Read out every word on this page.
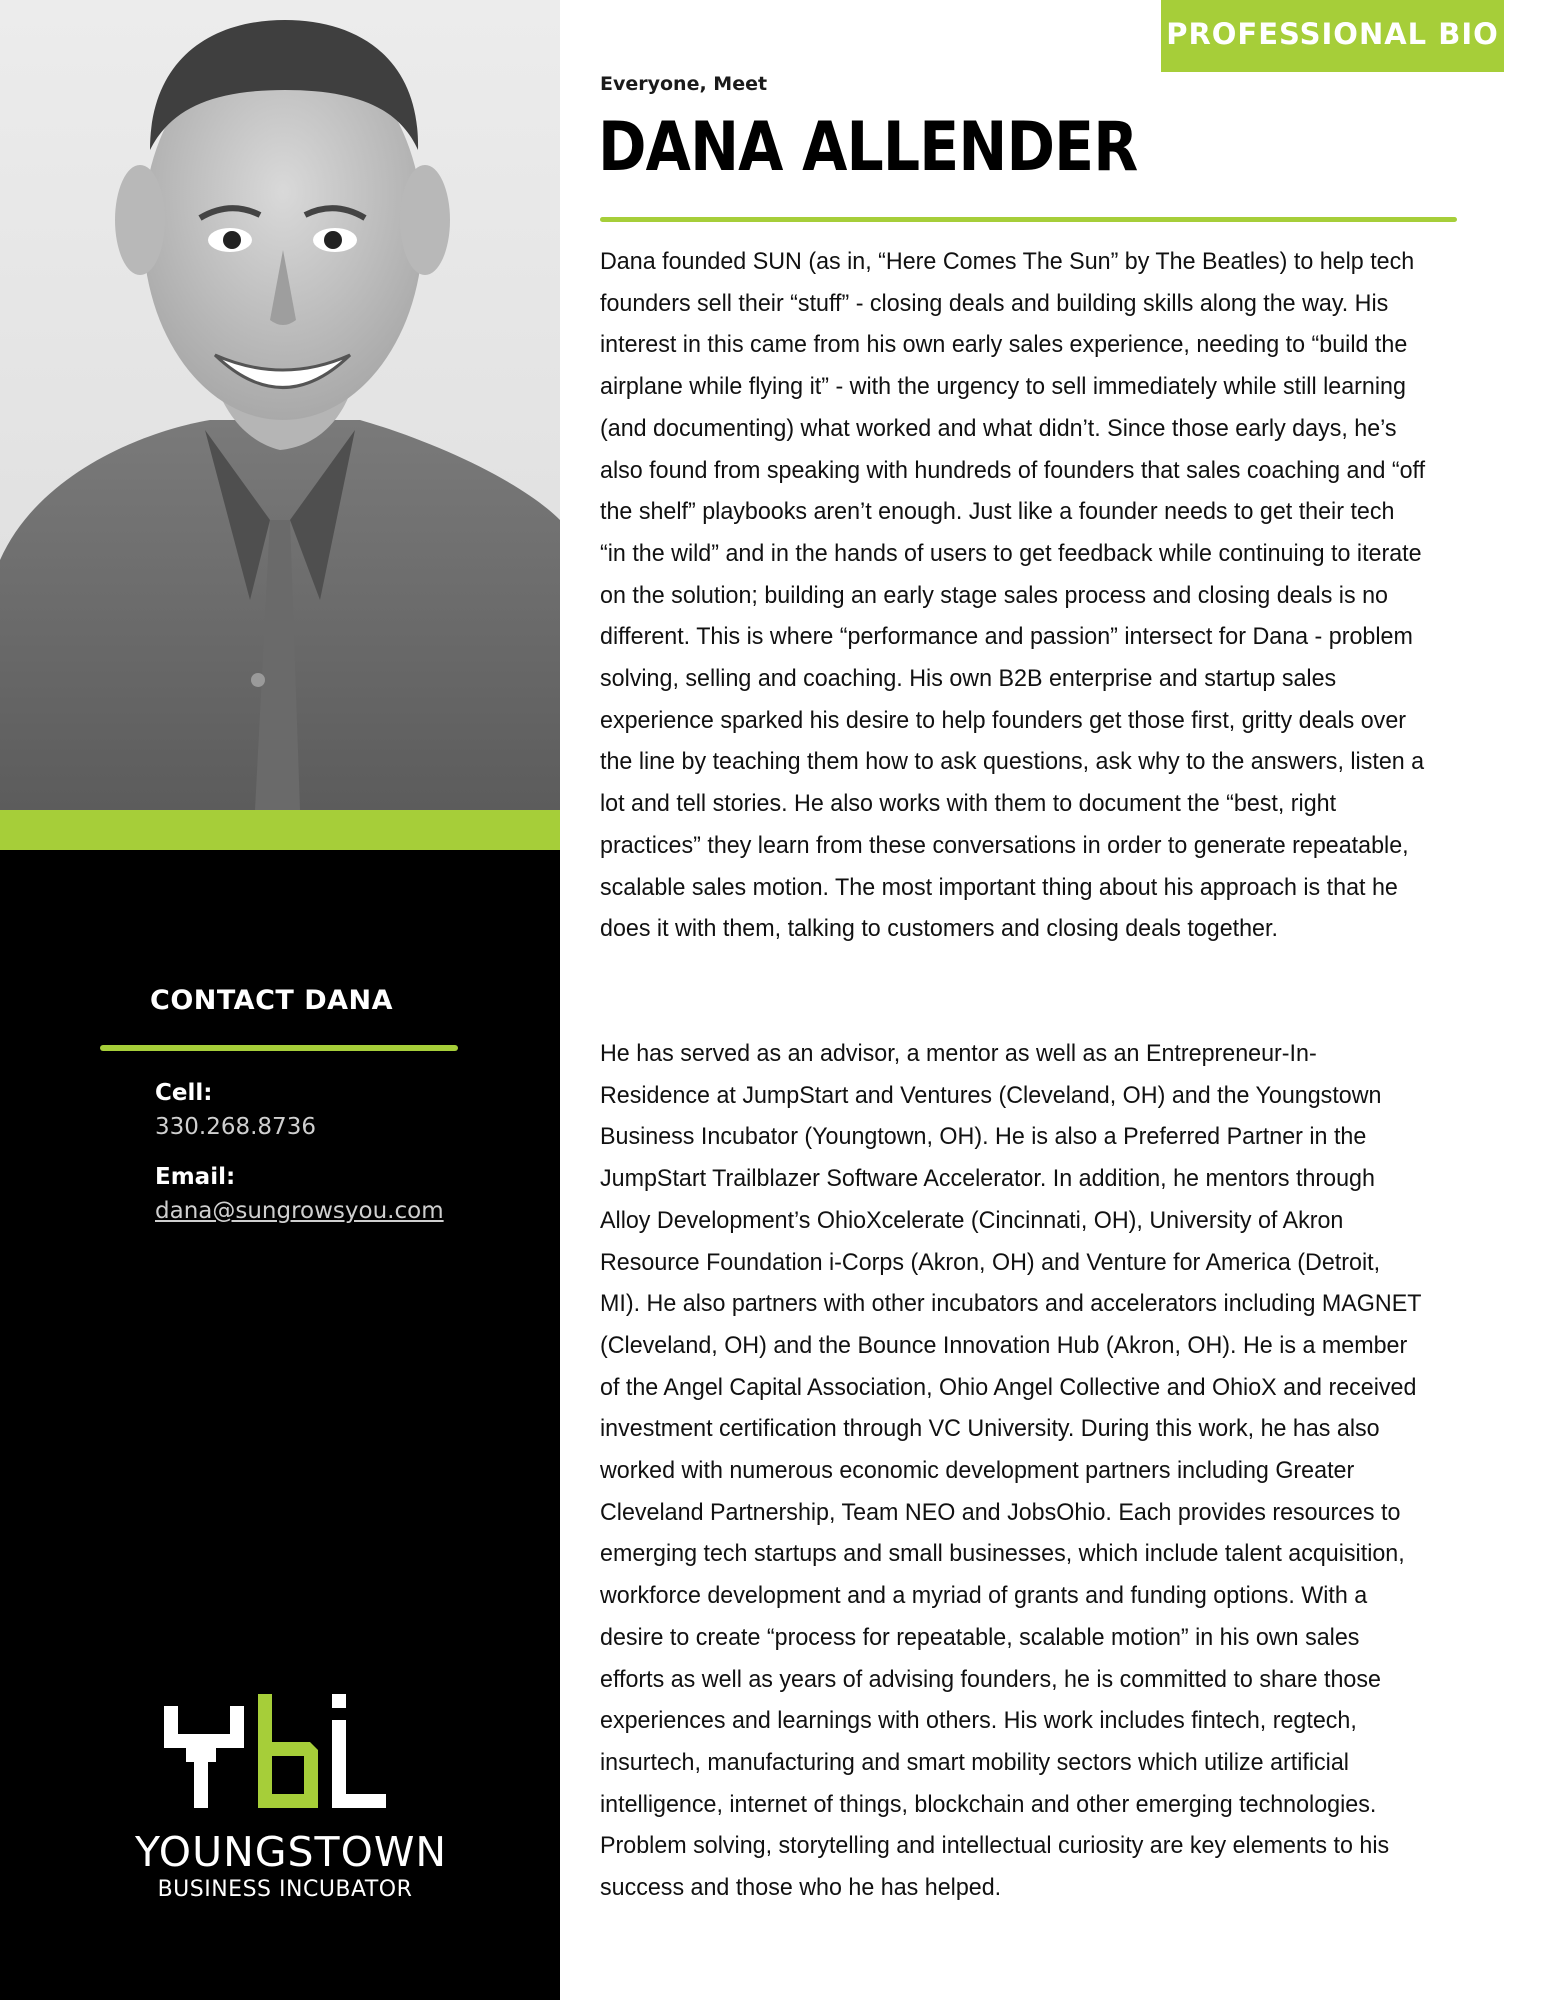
CONTACT DANA
Cell:
330.268.8736
Email:
dana@sungrowsyou.com
YOUNGSTOWN
BUSINESS INCUBATOR
PROFESSIONAL BIO
Everyone, Meet
DANA ALLENDER

Dana founded SUN (as in, “Here Comes The Sun” by The Beatles) to help tech founders sell their “stuff” - closing deals and building skills along the way. His interest in this came from his own early sales experience, needing to “build the airplane while flying it” - with the urgency to sell immediately while still learning (and documenting) what worked and what didn’t. Since those early days, he’s also found from speaking with hundreds of founders that sales coaching and “off the shelf” playbooks aren’t enough. Just like a founder needs to get their tech “in the wild” and in the hands of users to get feedback while continuing to iterate on the solution; building an early stage sales process and closing deals is no different. This is where “performance and passion” intersect for Dana - problem solving, selling and coaching. His own B2B enterprise and startup sales experience sparked his desire to help founders get those first, gritty deals over the line by teaching them how to ask questions, ask why to the answers, listen a lot and tell stories. He also works with them to document the “best, right practices” they learn from these conversations in order to generate repeatable, scalable sales motion. The most important thing about his approach is that he does it with them, talking to customers and closing deals together.

He has served as an advisor, a mentor as well as an Entrepreneur-In-Residence at JumpStart and Ventures (Cleveland, OH) and the Youngstown Business Incubator (Youngtown, OH). He is also a Preferred Partner in the JumpStart Trailblazer Software Accelerator. In addition, he mentors through Alloy Development’s OhioXcelerate (Cincinnati, OH), University of Akron Resource Foundation i-Corps (Akron, OH) and Venture for America (Detroit, MI). He also partners with other incubators and accelerators including MAGNET (Cleveland, OH) and the Bounce Innovation Hub (Akron, OH). He is a member of the Angel Capital Association, Ohio Angel Collective and OhioX and received investment certification through VC University. During this work, he has also worked with numerous economic development partners including Greater Cleveland Partnership, Team NEO and JobsOhio. Each provides resources to emerging tech startups and small businesses, which include talent acquisition, workforce development and a myriad of grants and funding options. With a desire to create “process for repeatable, scalable motion” in his own sales efforts as well as years of advising founders, he is committed to share those experiences and learnings with others. His work includes fintech, regtech, insurtech, manufacturing and smart mobility sectors which utilize artificial intelligence, internet of things, blockchain and other emerging technologies. Problem solving, storytelling and intellectual curiosity are key elements to his success and those who he has helped.
